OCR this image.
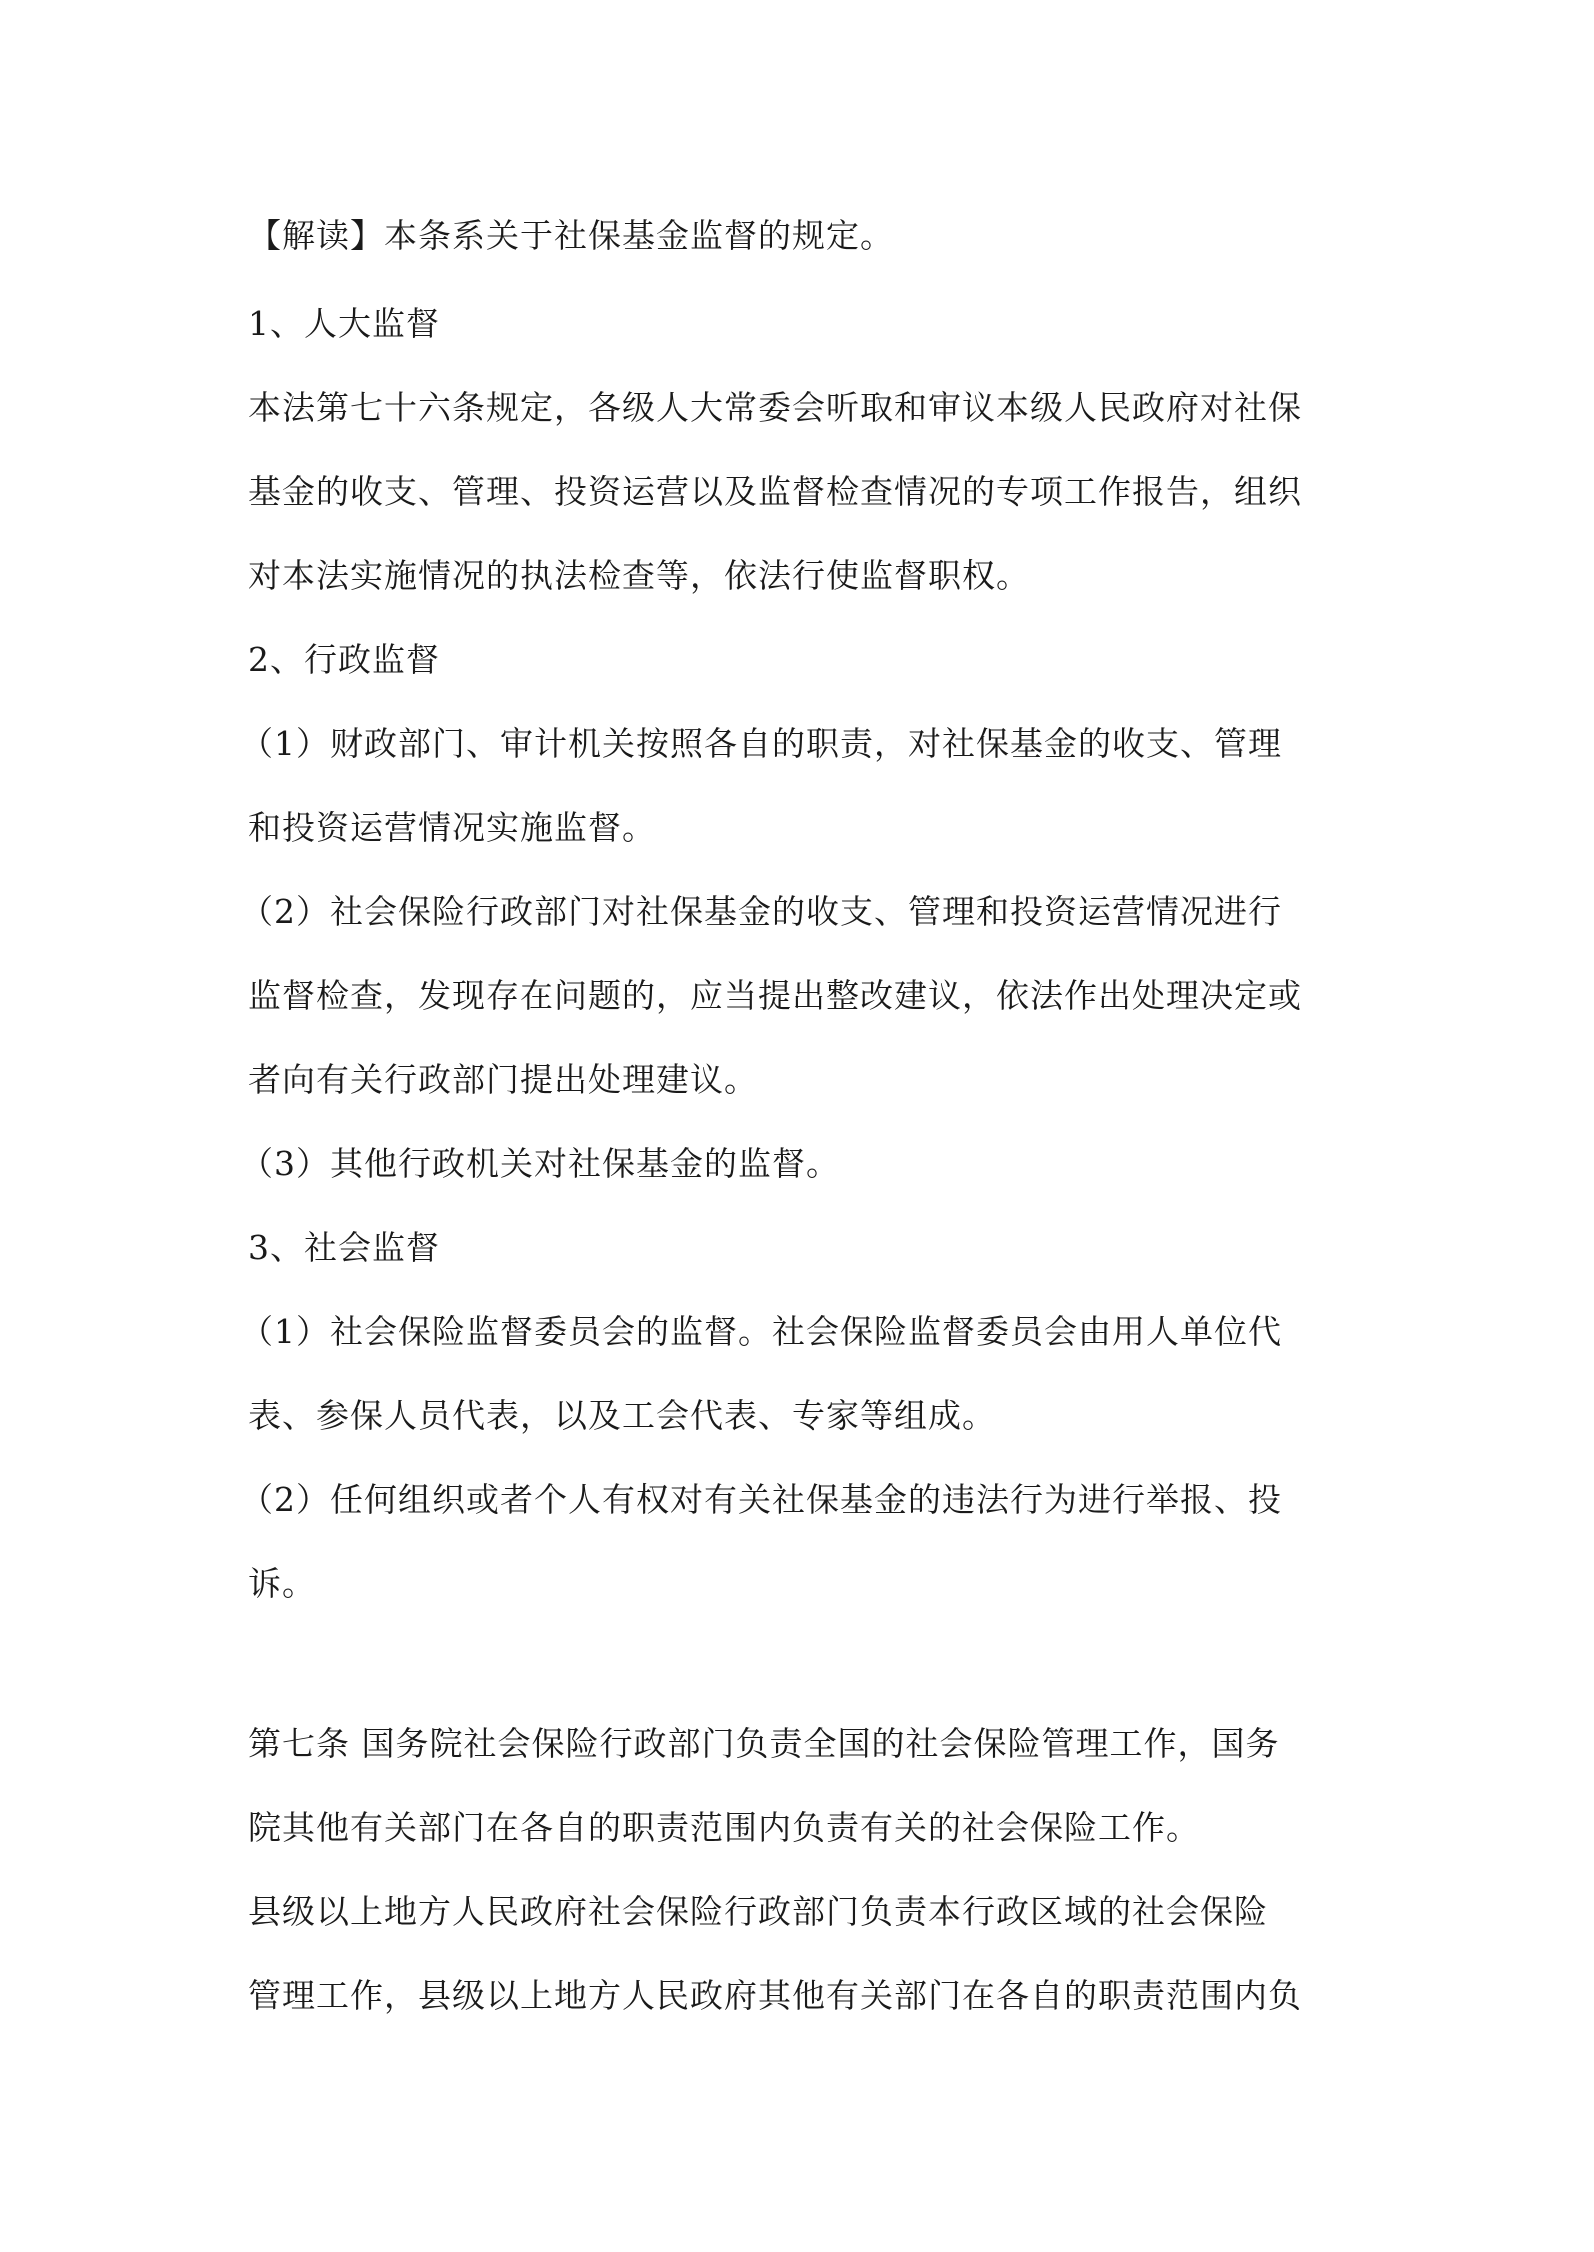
【解读】本条系关于社保基金监督的规定。
1、人大监督
本法第七十六条规定，各级人大常委会听取和审议本级人民政府对社保
基金的收支、管理、投资运营以及监督检查情况的专项工作报告，组织
对本法实施情况的执法检查等，依法行使监督职权。
2、行政监督
（1）财政部门、审计机关按照各自的职责，对社保基金的收支、管理
和投资运营情况实施监督。
（2）社会保险行政部门对社保基金的收支、管理和投资运营情况进行
监督检查，发现存在问题的，应当提出整改建议，依法作出处理决定或
者向有关行政部门提出处理建议。
（3）其他行政机关对社保基金的监督。
3、社会监督
（1）社会保险监督委员会的监督。社会保险监督委员会由用人单位代
表、参保人员代表，以及工会代表、专家等组成。
（2）任何组织或者个人有权对有关社保基金的违法行为进行举报、投
诉。
第七条 国务院社会保险行政部门负责全国的社会保险管理工作，国务
院其他有关部门在各自的职责范围内负责有关的社会保险工作。
县级以上地方人民政府社会保险行政部门负责本行政区域的社会保险
管理工作，县级以上地方人民政府其他有关部门在各自的职责范围内负
